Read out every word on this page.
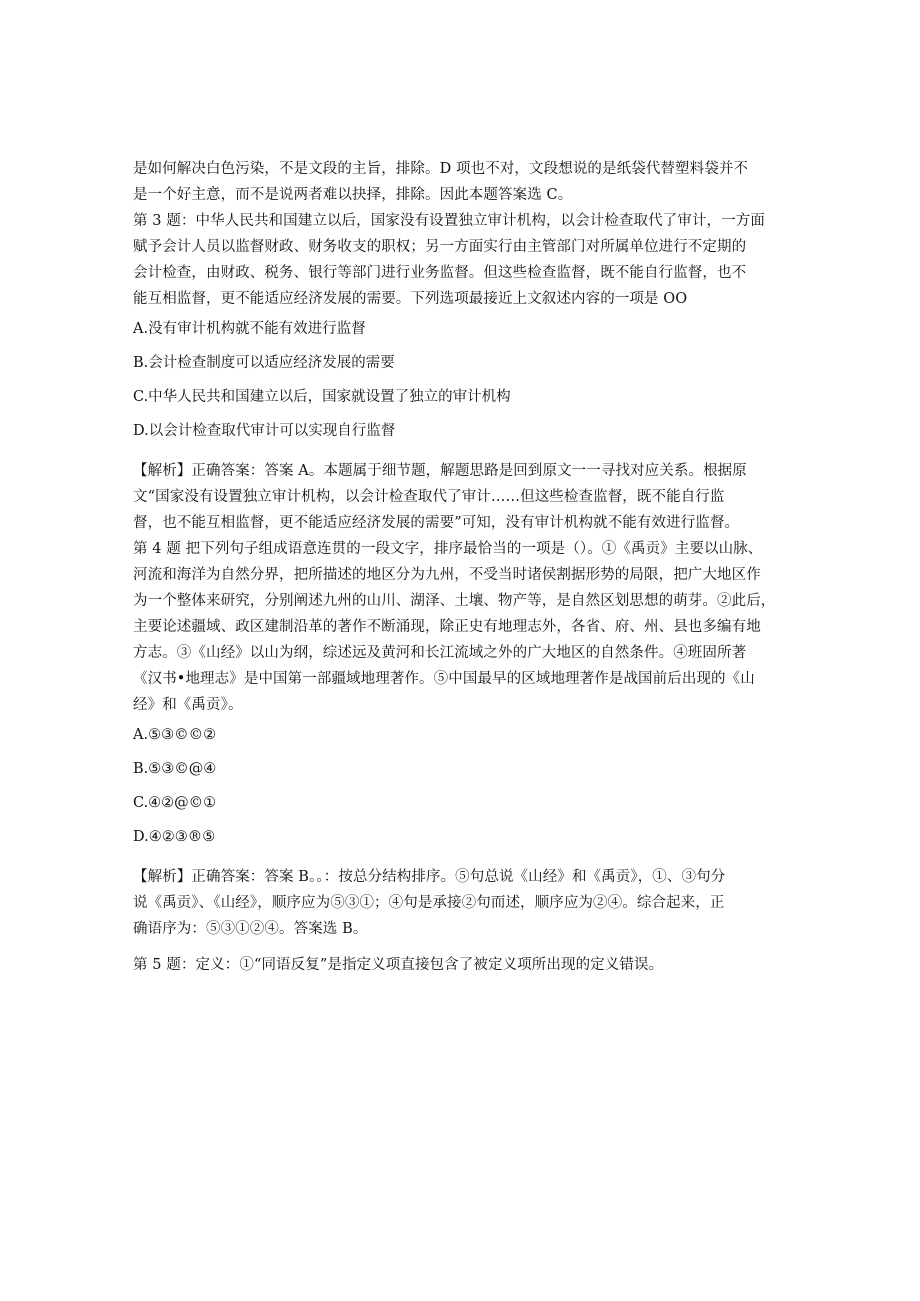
是如何解决白色污染，不是文段的主旨，排除。D 项也不对，文段想说的是纸袋代替塑料袋并不
是一个好主意，而不是说两者难以抉择，排除。因此本题答案选 C。
第 3 题：中华人民共和国建立以后，国家没有设置独立审计机构，以会计检查取代了审计，一方面
赋予会计人员以监督财政、财务收支的职权；另一方面实行由主管部门对所属单位进行不定期的
会计检查，由财政、税务、银行等部门进行业务监督。但这些检查监督，既不能自行监督，也不
能互相监督，更不能适应经济发展的需要。下列选项最接近上文叙述内容的一项是 OO
A.没有审计机构就不能有效进行监督
B.会计检查制度可以适应经济发展的需要
C.中华人民共和国建立以后，国家就设置了独立的审计机构
D.以会计检查取代审计可以实现自行监督
【解析】正确答案：答案 A。本题属于细节题，解题思路是回到原文一一寻找对应关系。根据原
文“国家没有设置独立审计机构，以会计检查取代了审计……但这些检查监督，既不能自行监
督，也不能互相监督，更不能适应经济发展的需要”可知，没有审计机构就不能有效进行监督。
第 4 题 把下列句子组成语意连贯的一段文字，排序最恰当的一项是（）。①《禹贡》主要以山脉、
河流和海洋为自然分界，把所描述的地区分为九州，不受当时诸侯割据形势的局限，把广大地区作
为一个整体来研究，分别阐述九州的山川、湖泽、土壤、物产等，是自然区划思想的萌芽。②此后，
主要论述疆域、政区建制沿革的著作不断涌现，除正史有地理志外，各省、府、州、县也多编有地
方志。③《山经》以山为纲，综述远及黄河和长江流域之外的广大地区的自然条件。④班固所著
《汉书•地理志》是中国第一部疆域地理著作。⑤中国最早的区域地理著作是战国前后出现的《山
经》和《禹贡》。
A.⑤③©©②
B.⑤③©@④
C.④②@©①
D.④②③®⑤
【解析】正确答案：答案 B。。：按总分结构排序。⑤句总说《山经》和《禹贡》，①、③句分
说《禹贡》、《山经》，顺序应为⑤③①；④句是承接②句而述，顺序应为②④。综合起来，正
确语序为：⑤③①②④。答案选 B。
第 5 题：定义：①“同语反复”是指定义项直接包含了被定义项所出现的定义错误。
